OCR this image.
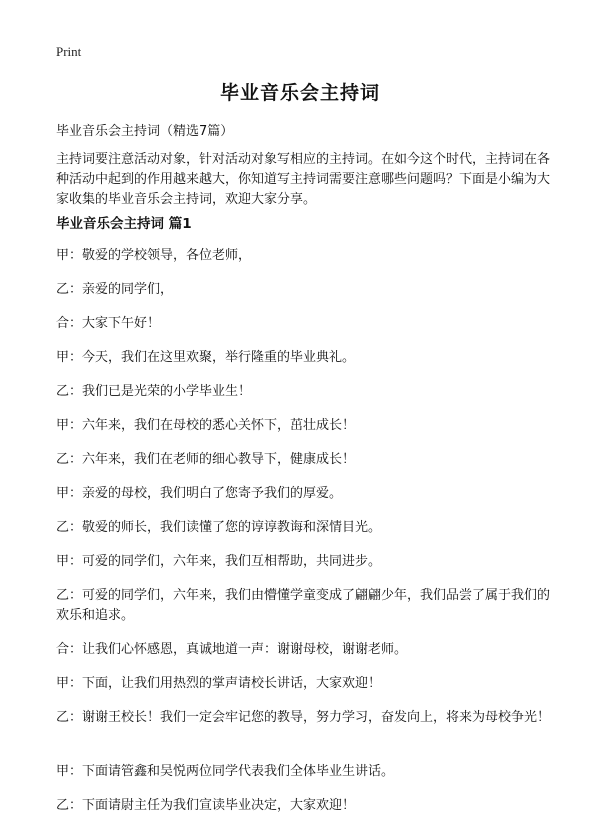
Print
毕业音乐会主持词

毕业音乐会主持词（精选7篇）

主持词要注意活动对象，针对活动对象写相应的主持词。在如今这个时代，主持词在各种活动中起到的作用越来越大，你知道写主持词需要注意哪些问题吗？下面是小编为大家收集的毕业音乐会主持词，欢迎大家分享。

毕业音乐会主持词 篇1

甲：敬爱的学校领导，各位老师，

乙：亲爱的同学们，

合：大家下午好！

甲：今天，我们在这里欢聚，举行隆重的毕业典礼。

乙：我们已是光荣的小学毕业生！

甲：六年来，我们在母校的悉心关怀下，茁壮成长！

乙：六年来，我们在老师的细心教导下，健康成长！

甲：亲爱的母校，我们明白了您寄予我们的厚爱。

乙：敬爱的师长，我们读懂了您的谆谆教诲和深情目光。

甲：可爱的同学们，六年来，我们互相帮助，共同进步。

乙：可爱的同学们，六年来，我们由懵懂学童变成了翩翩少年，我们品尝了属于我们的欢乐和追求。

合：让我们心怀感恩，真诚地道一声：谢谢母校，谢谢老师。

甲：下面，让我们用热烈的掌声请校长讲话，大家欢迎！

乙：谢谢王校长！我们一定会牢记您的教导，努力学习，奋发向上，将来为母校争光！

甲：下面请管鑫和吴悦两位同学代表我们全体毕业生讲话。

乙：下面请尉主任为我们宣读毕业决定，大家欢迎！
